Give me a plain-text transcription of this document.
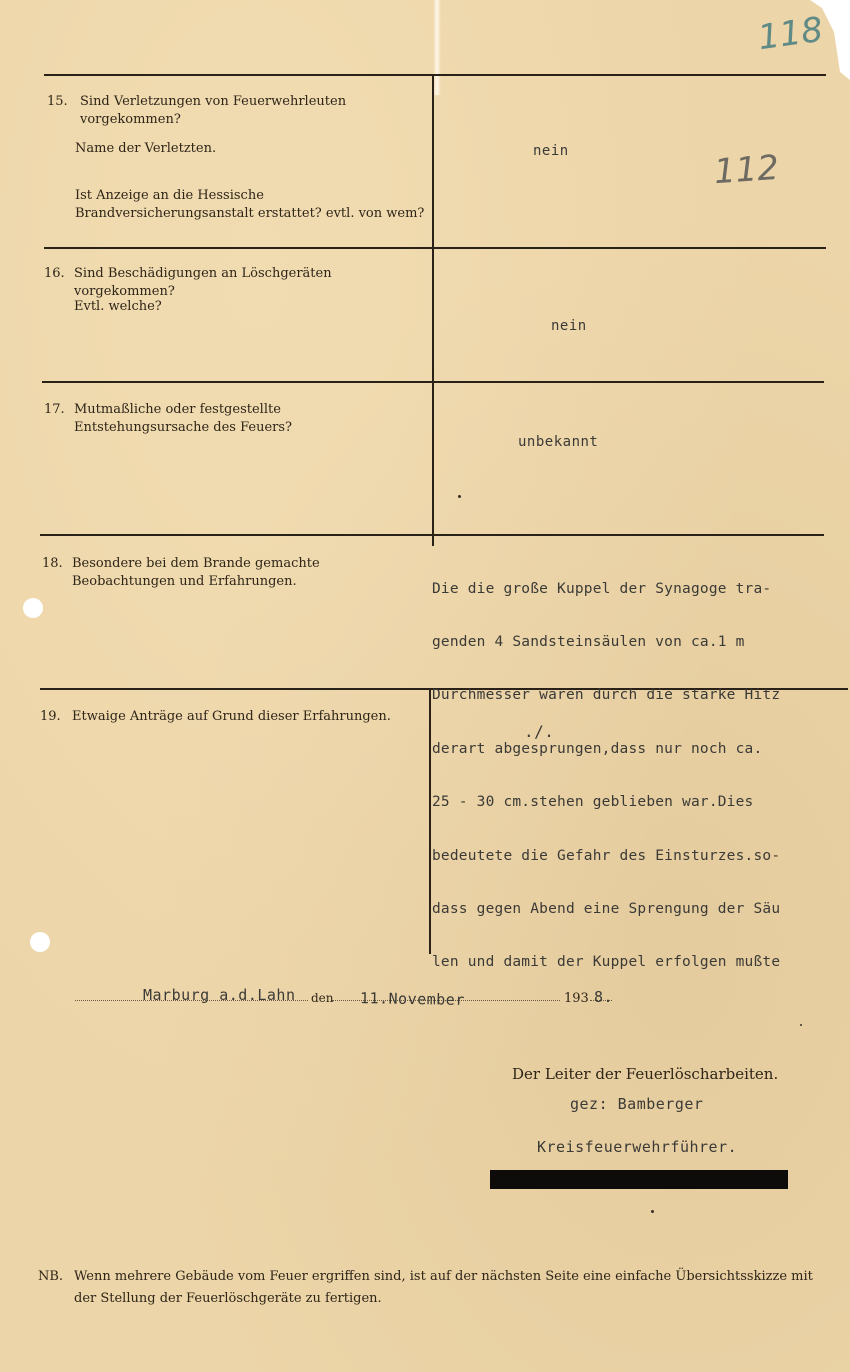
118
112
15. Sind Verletzungen von Feuerwehrleuten vorgekommen?
Name der Verletzten.
Ist Anzeige an die Hessische Brandversicherungsanstalt erstattet? evtl. von wem?
nein
16. Sind Beschädigungen an Löschgeräten vorgekommen?
Evtl. welche?
nein
17. Mutmaßliche oder festgestellte Entstehungsursache des Feuers?
unbekannt
18. Besondere bei dem Brande gemachte Beobachtungen und Erfahrungen.

	Die die große Kuppel der Synagoge tra-

genden 4 Sandsteinsäulen von ca.1 m

Durchmesser waren durch die starke Hitz

derart abgesprungen,dass nur noch ca.

25 - 30 cm.stehen geblieben war.Dies

bedeutete die Gefahr des Einsturzes.so-

dass gegen Abend eine Sprengung der Säu

len und damit der Kuppel erfolgen mußte

19. Etwaige Anträge auf Grund dieser Erfahrungen.
./.
Marburg a.d.Lahn den	11.November	193 8.
Der Leiter der Feuerlöscharbeiten.
gez: Bamberger
Kreisfeuerwehrführer.
NB. Wenn mehrere Gebäude vom Feuer ergriffen sind, ist auf der nächsten Seite eine einfache Übersichtsskizze mit der Stellung der Feuerlöschgeräte zu fertigen.
